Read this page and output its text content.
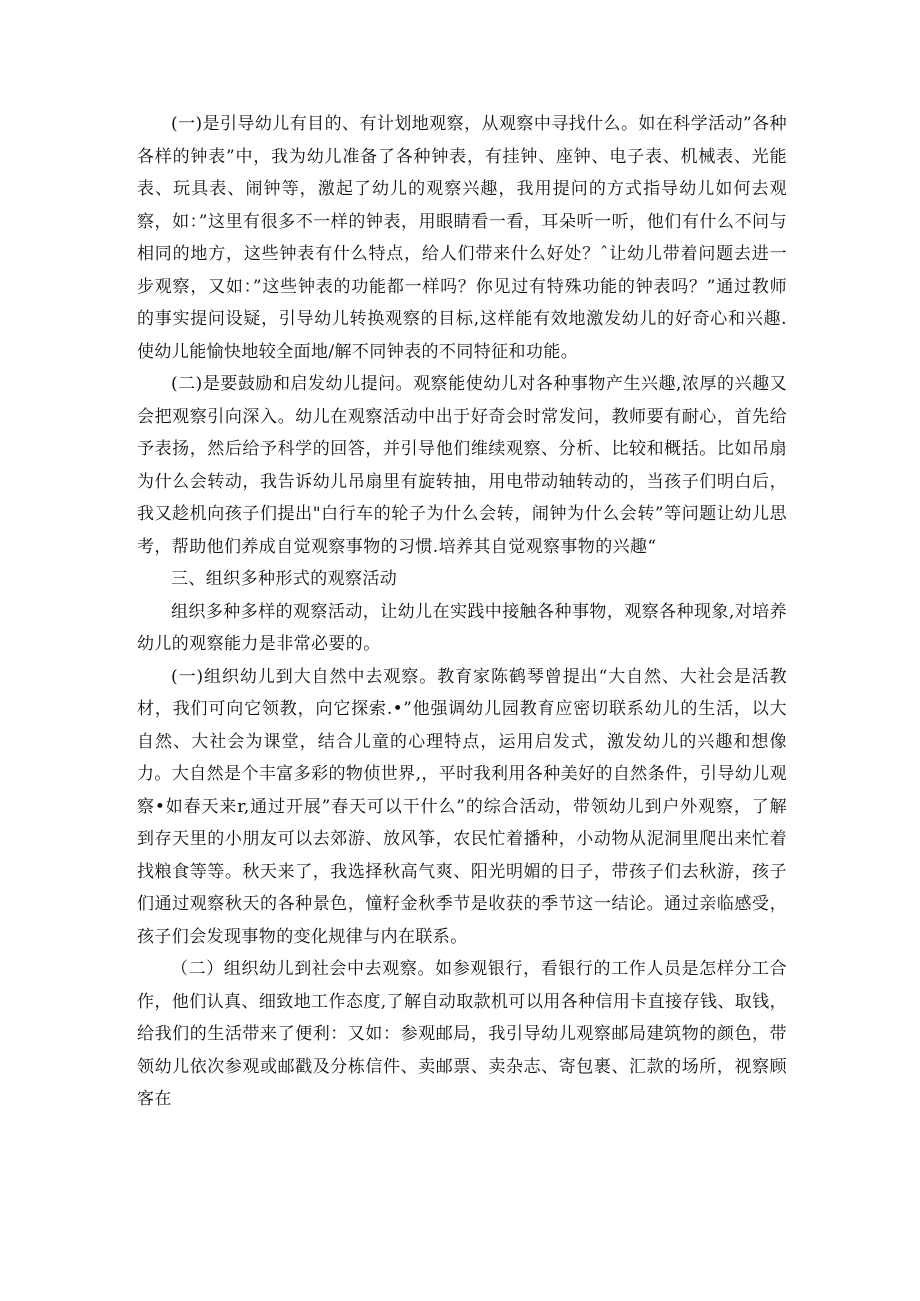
(一)是引导幼儿有目的、有计划地观察，从观察中寻找什么。如在科学活动”各种各样的钟表”中，我为幼儿准备了各种钟表，有挂钟、座钟、电子表、机械表、光能表、玩具表、闹钟等，激起了幼儿的观察兴趣，我用提问的方式指导幼儿如何去观察，如：”这里有很多不一样的钟表，用眼睛看一看，耳朵听一听，他们有什么不问与相同的地方，这些钟表有什么特点，给人们带来什么好处？ˆ让幼儿带着问题去进一步观察，又如：”这些钟表的功能都一样吗？你见过有特殊功能的钟表吗？”通过教师的事实提问设疑，引导幼儿转换观察的目标,这样能有效地激发幼儿的好奇心和兴趣.使幼儿能愉快地较全面地/解不同钟表的不同特征和功能。

(二)是要鼓励和启发幼儿提问。观察能使幼儿对各种事物产生兴趣,浓厚的兴趣又会把观察引向深入。幼儿在观察活动中出于好奇会时常发问，教师要有耐心，首先给予表扬，然后给予科学的回答，并引导他们维续观察、分析、比较和概括。比如吊扇为什么会转动，我告诉幼儿吊扇里有旋转抽，用电带动轴转动的，当孩子们明白后，我又趁机向孩子们提出"白行车的轮子为什么会转，闹钟为什么会转”等问题让幼儿思考，帮助他们养成自觉观察事物的习惯.培养其自觉观察事物的兴趣“

三、组织多种形式的观察活动

组织多种多样的观察活动，让幼儿在实践中接触各种事物，观察各种现象,对培养幼儿的观察能力是非常必要的。

(一)组织幼儿到大自然中去观察。教育家陈鹤琴曾提出“大自然、大社会是活教材，我们可向它领教，向它探索.•”他强调幼儿园教育应密切联系幼儿的生活，以大自然、大社会为课堂，结合儿童的心理特点，运用启发式，激发幼儿的兴趣和想像力。大自然是个丰富多彩的物侦世界,，平时我利用各种美好的自然条件，引导幼儿观察•如春天来r,通过开展”春天可以干什么”的综合活动，带领幼儿到户外观察，了解到存天里的小朋友可以去郊游、放风筝，农民忙着播种，小动物从泥洞里爬出来忙着找粮食等等。秋天来了，我选择秋高气爽、阳光明媚的日子，带孩子们去秋游，孩子们通过观察秋天的各种景色，憧籽金秋季节是收获的季节这一结论。通过亲临感受，孩子们会发现事物的变化规律与内在联系。

（二）组织幼儿到社会中去观察。如参观银行，看银行的工作人员是怎样分工合作，他们认真、细致地工作态度,了解自动取款机可以用各种信用卡直接存钱、取钱，给我们的生活带来了便利：又如：参观邮局，我引导幼儿观察邮局建筑物的颜色，带领幼儿依次参观或邮戳及分栋信件、卖邮票、卖杂志、寄包裹、汇款的场所，视察顾客在
